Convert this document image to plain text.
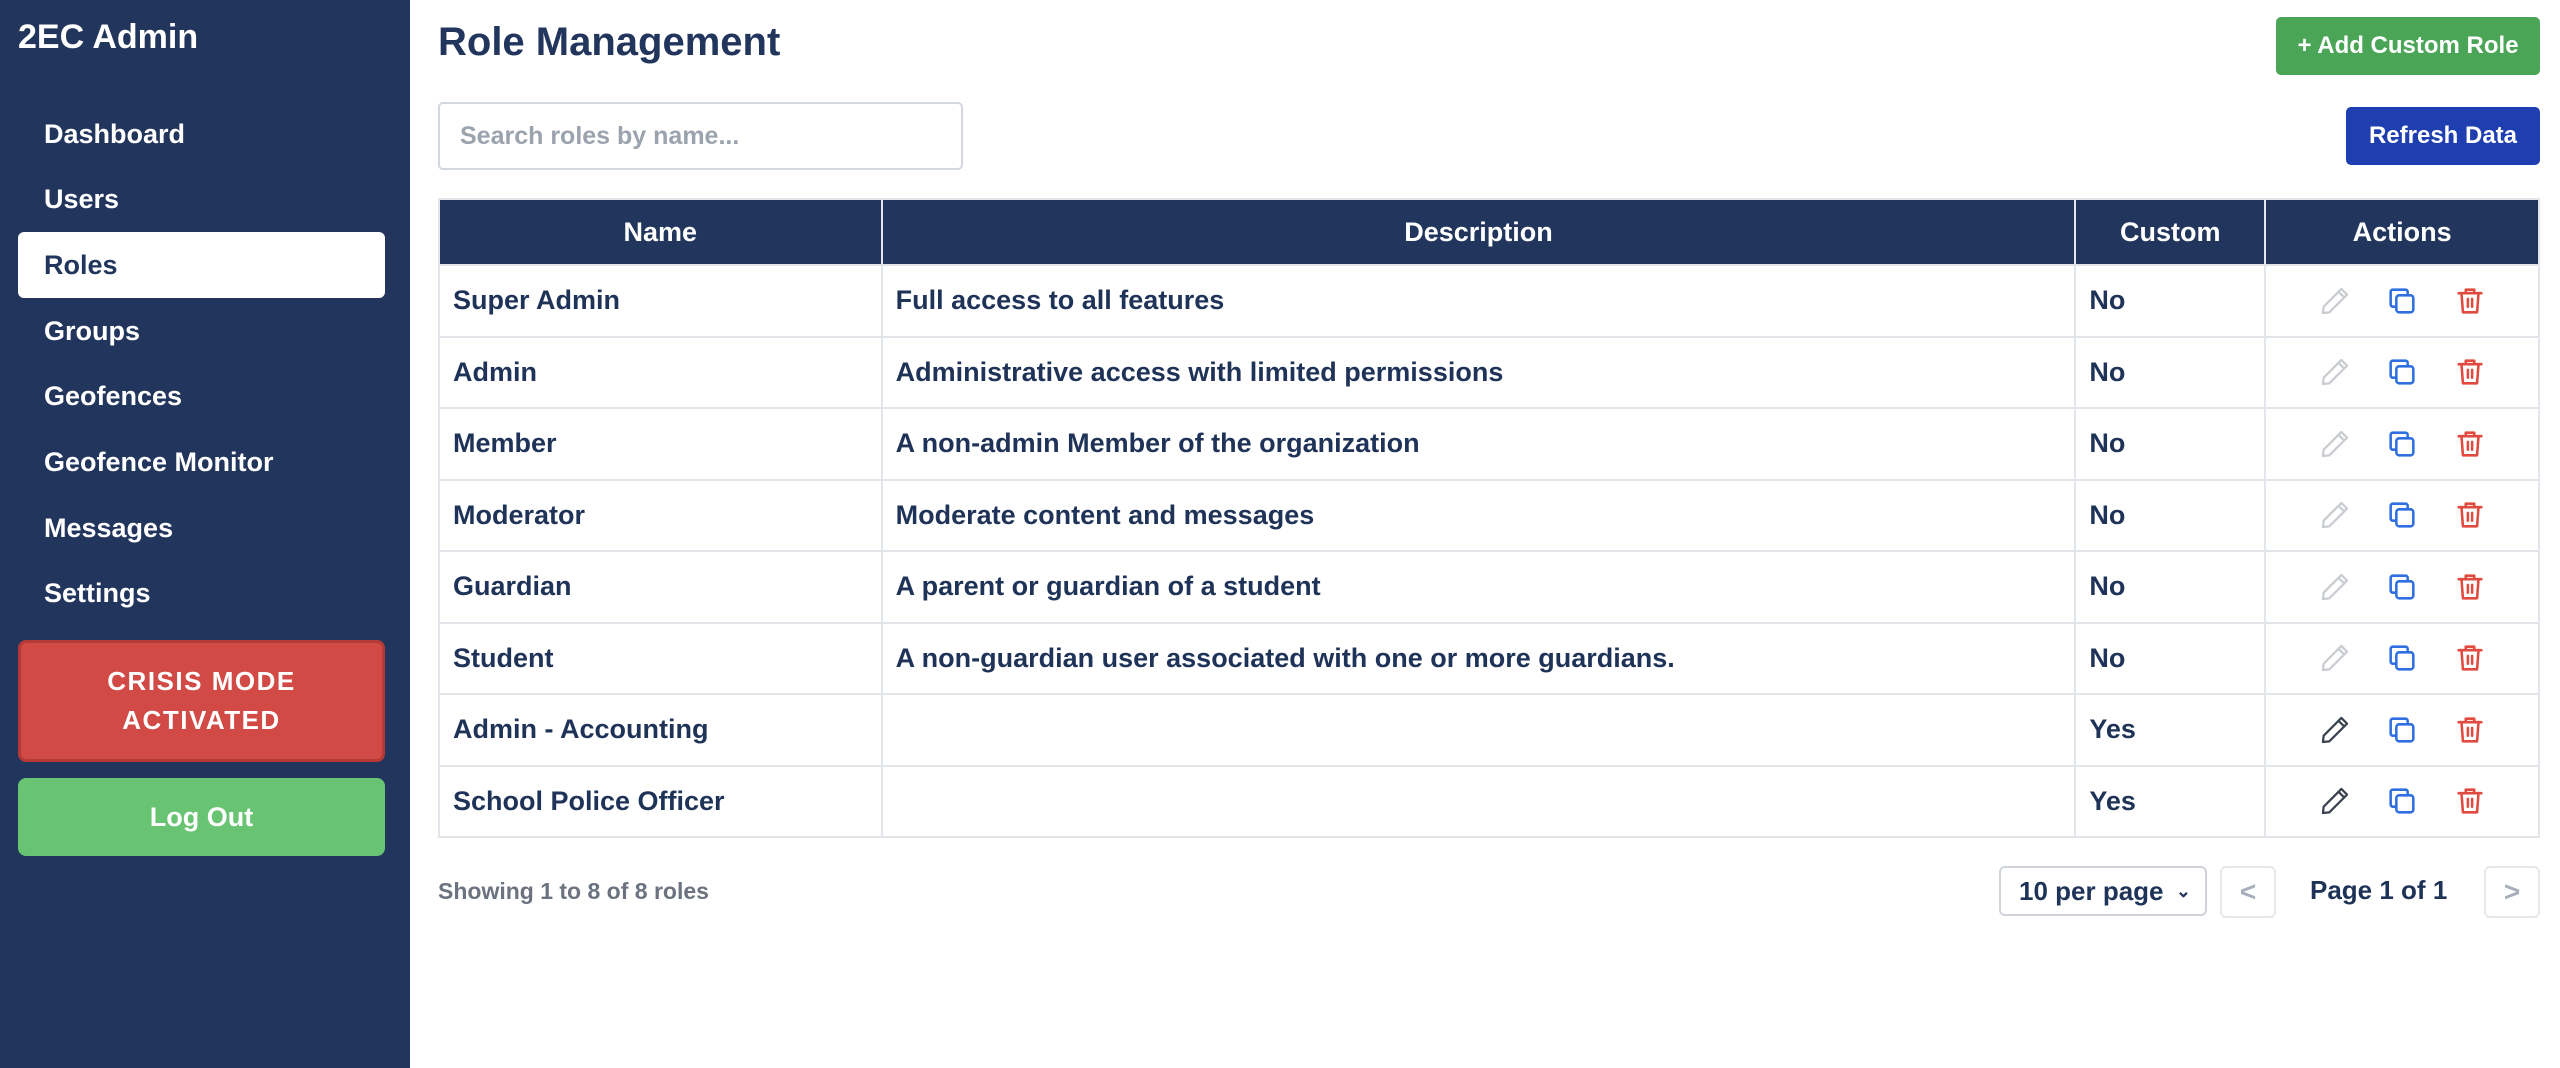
2EC Admin
Dashboard
Users
Roles
Groups
Geofences
Geofence Monitor
Messages
Settings
CRISIS MODE ACTIVATED
Log Out
Role Management	+ Add Custom Role
Search roles by name...
Refresh Data
Name	Description	Custom	Actions
Super Admin	Full access to all features	No	

Admin	Administrative access with limited permissions	No	

Member	A non-admin Member of the organization	No	

Moderator	Moderate content and messages	No	

Guardian	A parent or guardian of a student	No	

Student	A non-guardian user associated with one or more guardians.	No	

Admin - Accounting		Yes	

School Police Officer		Yes	

Showing 1 to 8 of 8 roles	10 per page ⌄	<	Page 1 of 1	>
